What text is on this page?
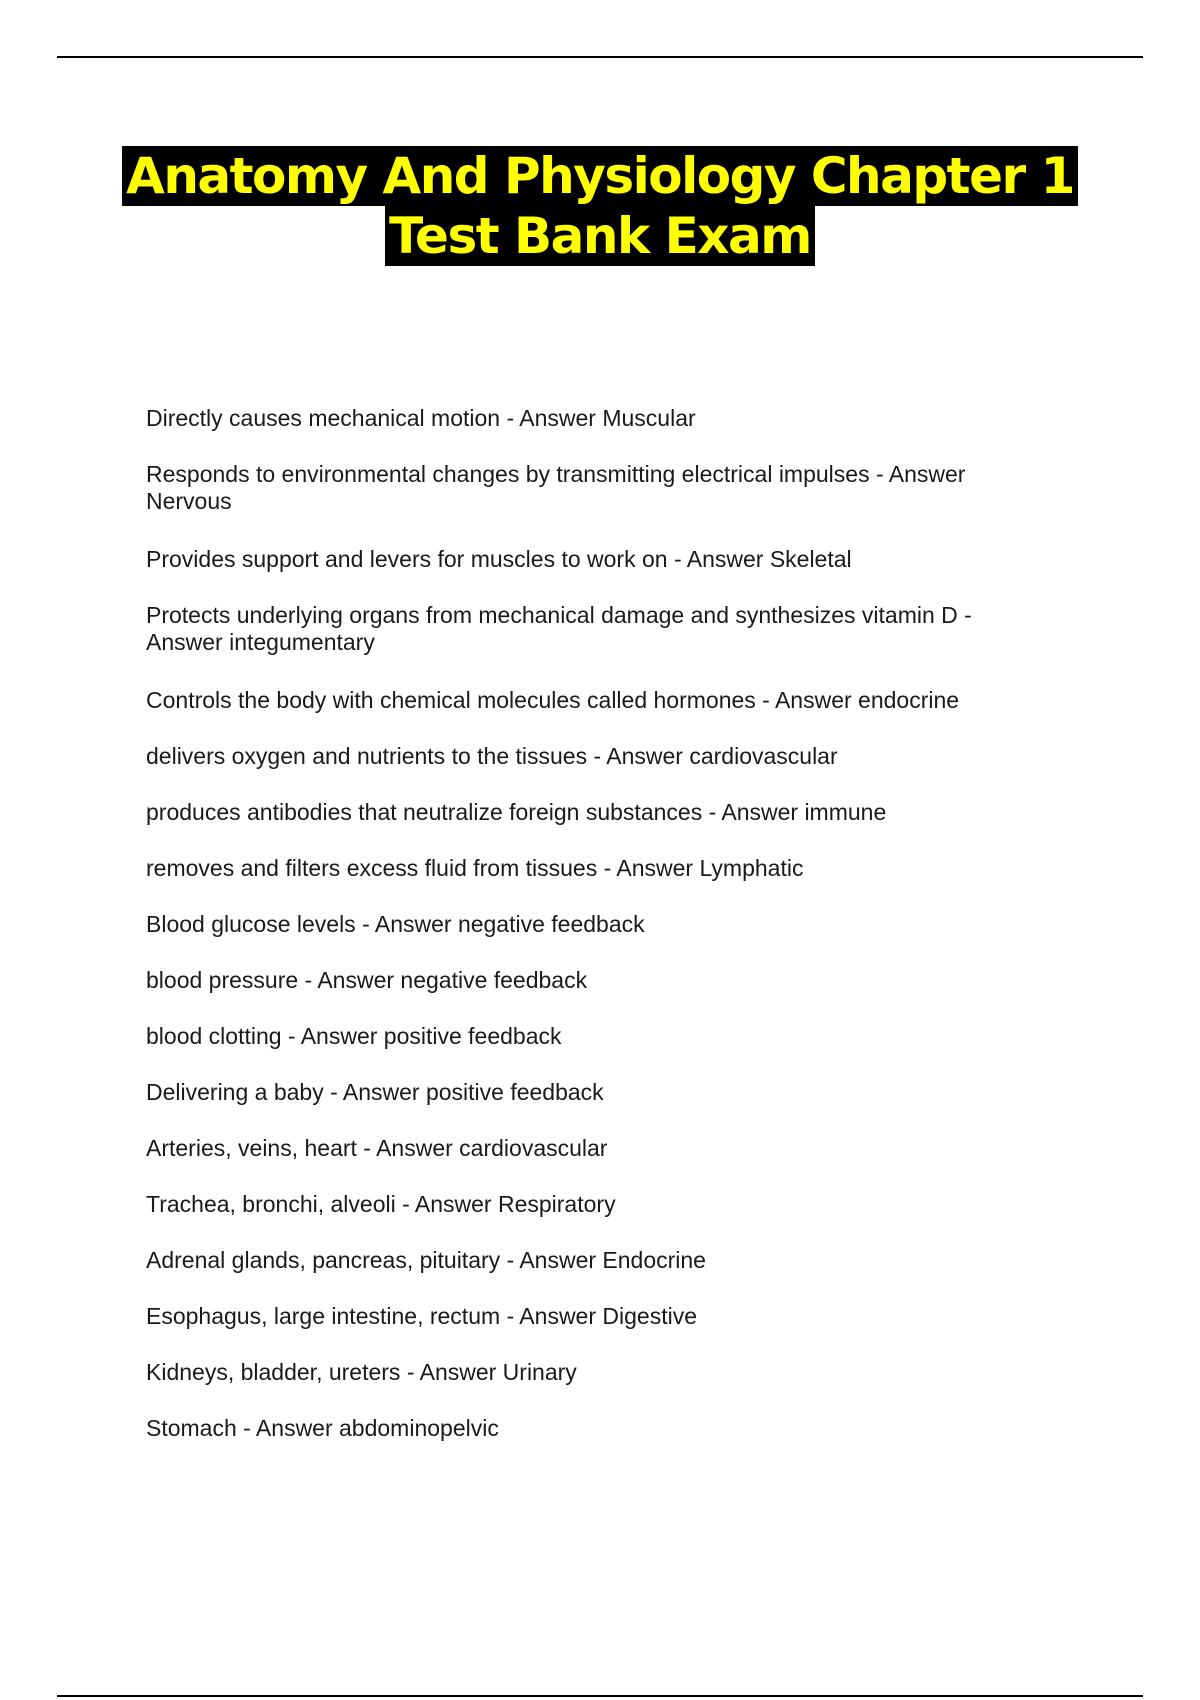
Anatomy And Physiology Chapter 1
Test Bank Exam
Directly causes mechanical motion - Answer Muscular
Responds to environmental changes by transmitting electrical impulses - Answer Nervous
Provides support and levers for muscles to work on - Answer Skeletal
Protects underlying organs from mechanical damage and synthesizes vitamin D - Answer integumentary
Controls the body with chemical molecules called hormones - Answer endocrine
delivers oxygen and nutrients to the tissues - Answer cardiovascular
produces antibodies that neutralize foreign substances - Answer immune
removes and filters excess fluid from tissues - Answer Lymphatic
Blood glucose levels - Answer negative feedback
blood pressure - Answer negative feedback
blood clotting - Answer positive feedback
Delivering a baby - Answer positive feedback
Arteries, veins, heart - Answer cardiovascular
Trachea, bronchi, alveoli - Answer Respiratory
Adrenal glands, pancreas, pituitary - Answer Endocrine
Esophagus, large intestine, rectum - Answer Digestive
Kidneys, bladder, ureters - Answer Urinary
Stomach - Answer abdominopelvic
